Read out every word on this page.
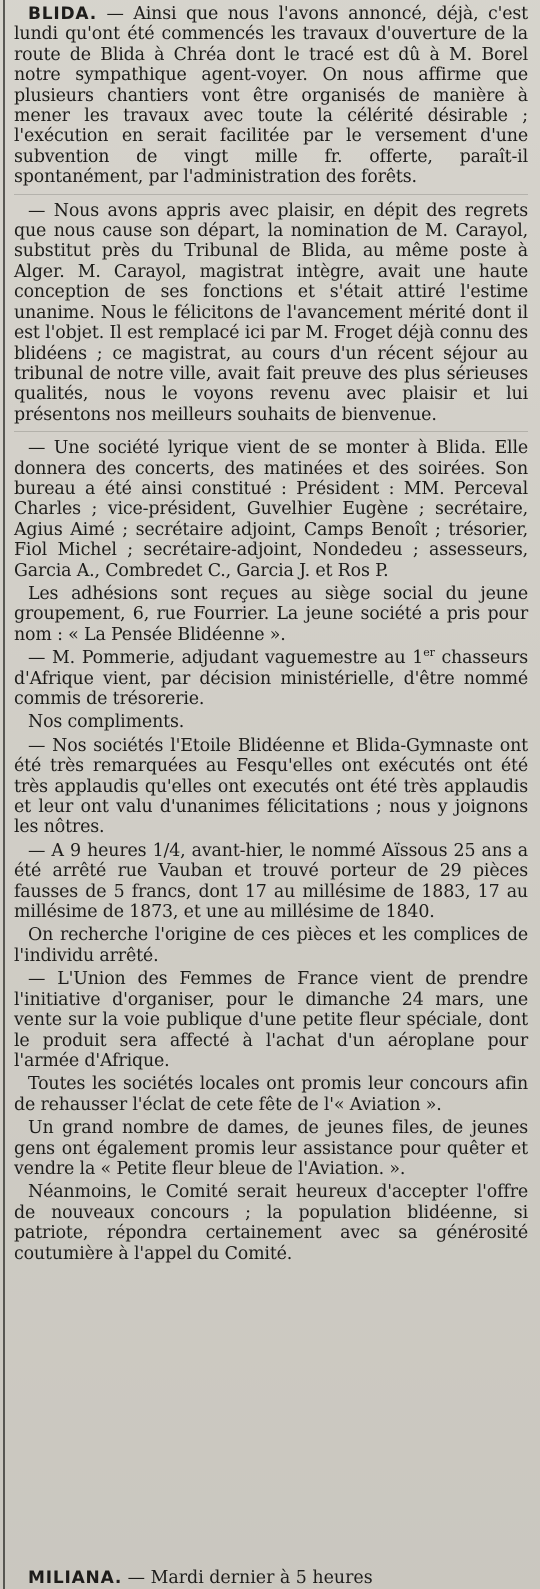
BLIDA. — Ainsi que nous l'avons annoncé, déjà, c'est lundi qu'ont été commencés les travaux d'ouverture de la route de Blida à Chréa dont le tracé est dû à M. Borel notre sympathique agent-voyer. On nous affirme que plusieurs chantiers vont être organisés de manière à mener les travaux avec toute la célérité désirable ; l'exécution en serait facilitée par le versement d'une subvention de vingt mille fr. offerte, paraît-il spontanément, par l'administration des forêts.

— Nous avons appris avec plaisir, en dépit des regrets que nous cause son départ, la nomination de M. Carayol, substitut près du Tribunal de Blida, au même poste à Alger. M. Carayol, magistrat intègre, avait une haute conception de ses fonctions et s'était attiré l'estime unanime. Nous le félicitons de l'avancement mérité dont il est l'objet. Il est remplacé ici par M. Froget déjà connu des blidéens ; ce magistrat, au cours d'un récent séjour au tribunal de notre ville, avait fait preuve des plus sérieuses qualités, nous le voyons revenu avec plaisir et lui présentons nos meilleurs souhaits de bienvenue.

— Une société lyrique vient de se monter à Blida. Elle donnera des concerts, des matinées et des soirées. Son bureau a été ainsi constitué : Président : MM. Perceval Charles ; vice-président, Guvelhier Eugène ; secrétaire, Agius Aimé ; secrétaire adjoint, Camps Benoît ; trésorier, Fiol Michel ; secrétaire-adjoint, Nondedeu ; assesseurs, Garcia A., Combredet C., Garcia J. et Ros P.

Les adhésions sont reçues au siège social du jeune groupement, 6, rue Fourrier. La jeune société a pris pour nom : « La Pensée Blidéenne ».

— M. Pommerie, adjudant vaguemestre au 1er chasseurs d'Afrique vient, par décision ministérielle, d'être nommé commis de trésorerie.

Nos compliments.

— Nos sociétés l'Etoile Blidéenne et Blida-Gymnaste ont été très remarquées au Fesqu'elles ont exécutés ont été très applaudis qu'elles ont executés ont été très applaudis et leur ont valu d'unanimes félicitations ; nous y joignons les nôtres.

— A 9 heures 1/4, avant-hier, le nommé Aïssous 25 ans a été arrêté rue Vauban et trouvé porteur de 29 pièces fausses de 5 francs, dont 17 au millésime de 1883, 17 au millésime de 1873, et une au millésime de 1840.

On recherche l'origine de ces pièces et les complices de l'individu arrêté.

— L'Union des Femmes de France vient de prendre l'initiative d'organiser, pour le dimanche 24 mars, une vente sur la voie publique d'une petite fleur spéciale, dont le produit sera affecté à l'achat d'un aéroplane pour l'armée d'Afrique.

Toutes les sociétés locales ont promis leur concours afin de rehausser l'éclat de cete fête de l'« Aviation ».

Un grand nombre de dames, de jeunes files, de jeunes gens ont également promis leur assistance pour quêter et vendre la « Petite fleur bleue de l'Aviation. ».

Néanmoins, le Comité serait heureux d'accepter l'offre de nouveaux concours ; la population blidéenne, si patriote, répondra certainement avec sa générosité coutumière à l'appel du Comité.

MILIANA. — Mardi dernier à 5 heures
